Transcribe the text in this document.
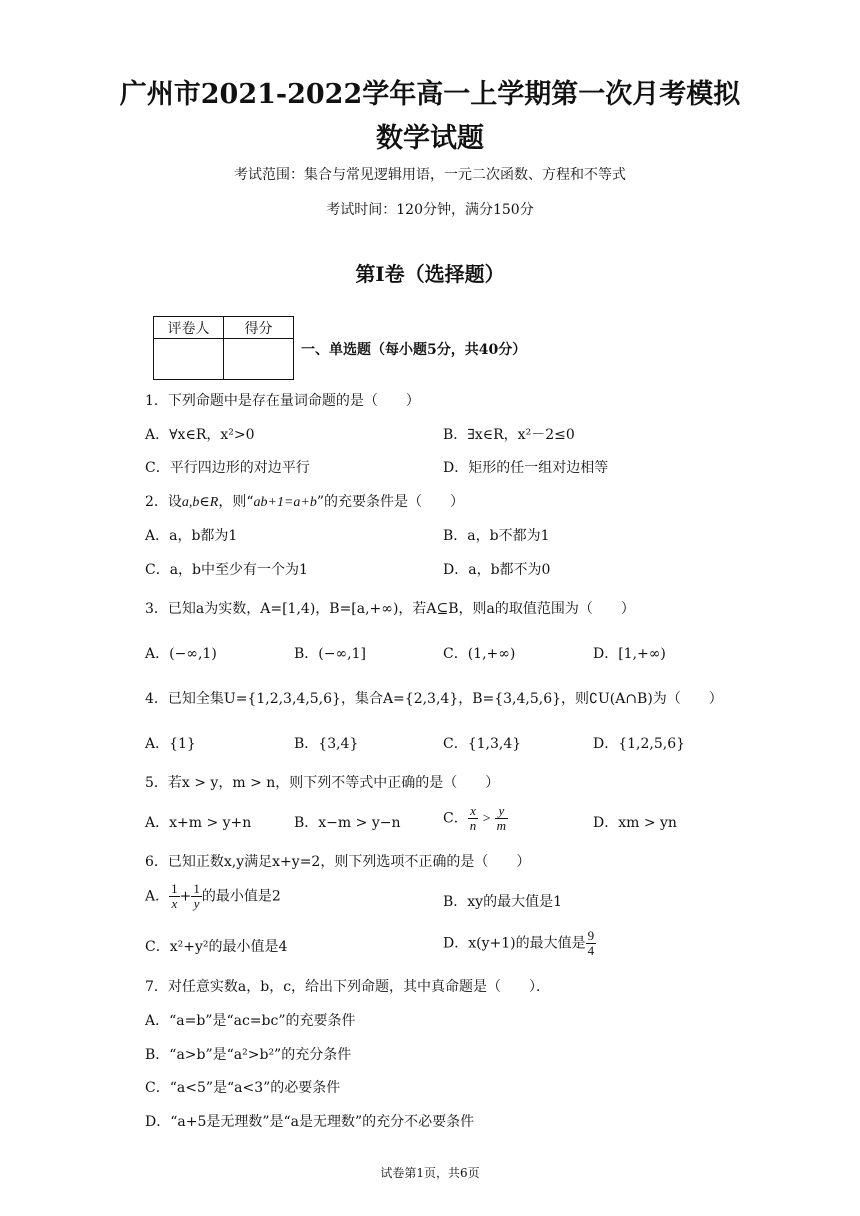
广州市2021-2022学年高一上学期第一次月考模拟
数学试题
考试范围：集合与常见逻辑用语，一元二次函数、方程和不等式
考试时间：120分钟，满分150分
第I卷（选择题）
评卷人	得分

一、单选题（每小题5分，共40分）
1．下列命题中是存在量词命题的是（　　）
A．∀x∈R，x²>0	B．∃x∈R，x²－2≤0
C．平行四边形的对边平行	D．矩形的任一组对边相等
2．设a,b∈R，则“ab+1=a+b”的充要条件是（　　）
A．a，b都为1	B．a，b不都为1
C．a，b中至少有一个为1	D．a，b都不为0
3．已知a为实数，A=[1,4)，B=[a,+∞)，若A⊆B，则a的取值范围为（　　）
A．(−∞,1)	B．(−∞,1]	C．(1,+∞)	D．[1,+∞)
4．已知全集U={1,2,3,4,5,6}，集合A={2,3,4}，B={3,4,5,6}，则∁U(A∩B)为（　　）
A．{1}	B．{3,4}	C．{1,3,4}	D．{1,2,5,6}
5．若x > y，m > n，则下列不等式中正确的是（　　）
A．x+m > y+n	B．x−m > y−n	C． $\frac{x}{n} > \frac{y}{m}$	D．xm > yn
6．已知正数x,y满足x+y=2，则下列选项不正确的是（　　）
A． $\frac{1}{x} + \frac{1}{y}$ 的最小值是2	B．xy的最大值是1
C．x²+y²的最小值是4	D．x(y+1)的最大值是 $\frac{9}{4}$
7．对任意实数a，b，c，给出下列命题，其中真命题是（　　）．
A．“a=b”是“ac=bc”的充要条件
B．“a>b”是“a²>b²”的充分条件
C．“a<5”是“a<3”的必要条件
D．“a+5是无理数”是“a是无理数”的充分不必要条件
试卷第1页，共6页
